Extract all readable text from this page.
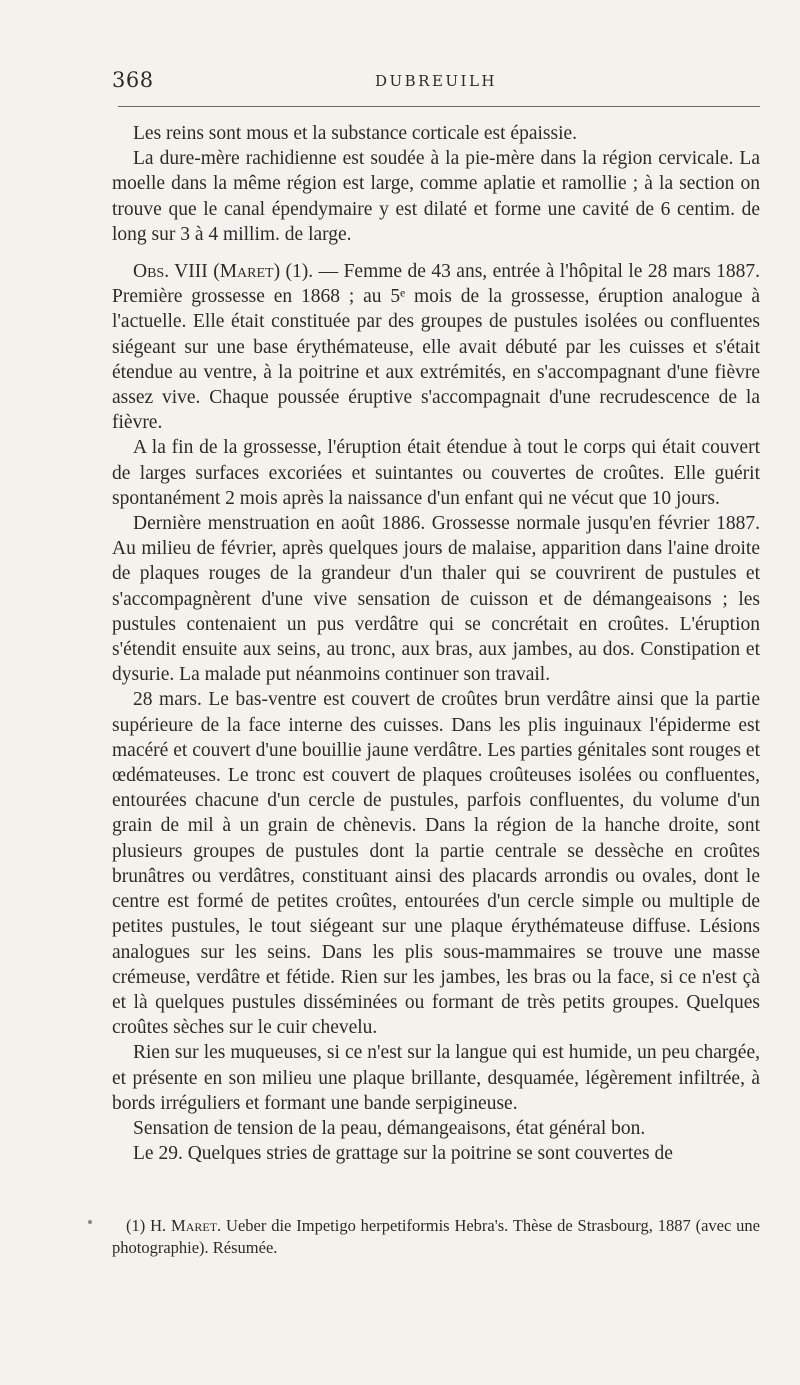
368	DUBREUILH

Les reins sont mous et la substance corticale est épaissie.

La dure-mère rachidienne est soudée à la pie-mère dans la région cervicale. La moelle dans la même région est large, comme aplatie et ramollie ; à la section on trouve que le canal épendymaire y est dilaté et forme une cavité de 6 centim. de long sur 3 à 4 millim. de large.

Obs. VIII (Maret) (1). — Femme de 43 ans, entrée à l'hôpital le 28 mars 1887. Première grossesse en 1868 ; au 5ᵉ mois de la grossesse, éruption analogue à l'actuelle. Elle était constituée par des groupes de pustules isolées ou confluentes siégeant sur une base érythémateuse, elle avait débuté par les cuisses et s'était étendue au ventre, à la poitrine et aux extrémités, en s'accompagnant d'une fièvre assez vive. Chaque poussée éruptive s'accompagnait d'une recrudescence de la fièvre.

A la fin de la grossesse, l'éruption était étendue à tout le corps qui était couvert de larges surfaces excoriées et suintantes ou couvertes de croûtes. Elle guérit spontanément 2 mois après la naissance d'un enfant qui ne vécut que 10 jours.

Dernière menstruation en août 1886. Grossesse normale jusqu'en février 1887. Au milieu de février, après quelques jours de malaise, apparition dans l'aine droite de plaques rouges de la grandeur d'un thaler qui se couvrirent de pustules et s'accompagnèrent d'une vive sensation de cuisson et de démangeaisons ; les pustules contenaient un pus verdâtre qui se concrétait en croûtes. L'éruption s'étendit ensuite aux seins, au tronc, aux bras, aux jambes, au dos. Constipation et dysurie. La malade put néanmoins continuer son travail.

28 mars. Le bas-ventre est couvert de croûtes brun verdâtre ainsi que la partie supérieure de la face interne des cuisses. Dans les plis inguinaux l'épiderme est macéré et couvert d'une bouillie jaune verdâtre. Les parties génitales sont rouges et œdémateuses. Le tronc est couvert de plaques croûteuses isolées ou confluentes, entourées chacune d'un cercle de pustules, parfois confluentes, du volume d'un grain de mil à un grain de chènevis. Dans la région de la hanche droite, sont plusieurs groupes de pustules dont la partie centrale se dessèche en croûtes brunâtres ou verdâtres, constituant ainsi des placards arrondis ou ovales, dont le centre est formé de petites croûtes, entourées d'un cercle simple ou multiple de petites pustules, le tout siégeant sur une plaque érythémateuse diffuse. Lésions analogues sur les seins. Dans les plis sous-mammaires se trouve une masse crémeuse, verdâtre et fétide. Rien sur les jambes, les bras ou la face, si ce n'est çà et là quelques pustules disséminées ou formant de très petits groupes. Quelques croûtes sèches sur le cuir chevelu.

Rien sur les muqueuses, si ce n'est sur la langue qui est humide, un peu chargée, et présente en son milieu une plaque brillante, desquamée, légèrement infiltrée, à bords irréguliers et formant une bande serpigineuse.

Sensation de tension de la peau, démangeaisons, état général bon.

Le 29. Quelques stries de grattage sur la poitrine se sont couvertes de

(1) H. Maret. Ueber die Impetigo herpetiformis Hebra's. Thèse de Strasbourg, 1887 (avec une photographie). Résumée.
